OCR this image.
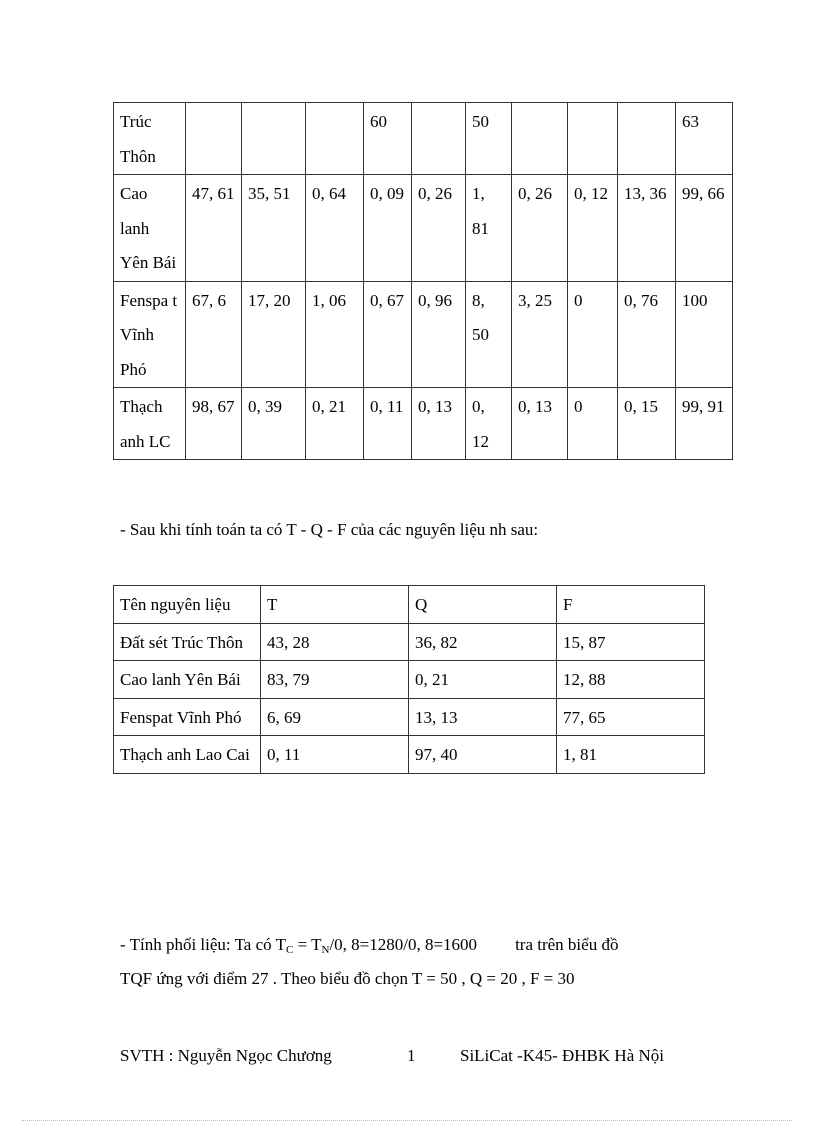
Trúc Thôn				60		50				63
Cao lanh Yên Bái	47, 61	35, 51	0, 64	0, 09	0, 26	1, 81	0, 26	0, 12	13, 36	99, 66
Fenspa t Vĩnh Phó	67, 6	17, 20	1, 06	0, 67	0, 96	8, 50	3, 25	0	0, 76	100
Thạch anh LC	98, 67	0, 39	0, 21	0, 11	0, 13	0, 12	0, 13	0	0, 15	99, 91
- Sau khi tính toán ta có T - Q - F của các nguyên liệu nh sau:
Tên nguyên liệu	T	Q	F
Đất sét Trúc Thôn	43, 28	36, 82	15, 87
Cao lanh Yên Bái	83, 79	0, 21	12, 88
Fenspat Vĩnh Phó	6, 69	13, 13	77, 65
Thạch anh Lao Cai	0, 11	97, 40	1, 81
- Tính phối liệu: Ta có $T_C = T_N/0$, 8=1280/0, 8=1600 tra trên biểu đồ
TQF ứng với điểm 27 . Theo biểu đồ chọn T = 50 , Q = 20 , F = 30
SVTH : Nguyễn Ngọc Chương	1	SiLiCat -K45- ĐHBK Hà Nội
